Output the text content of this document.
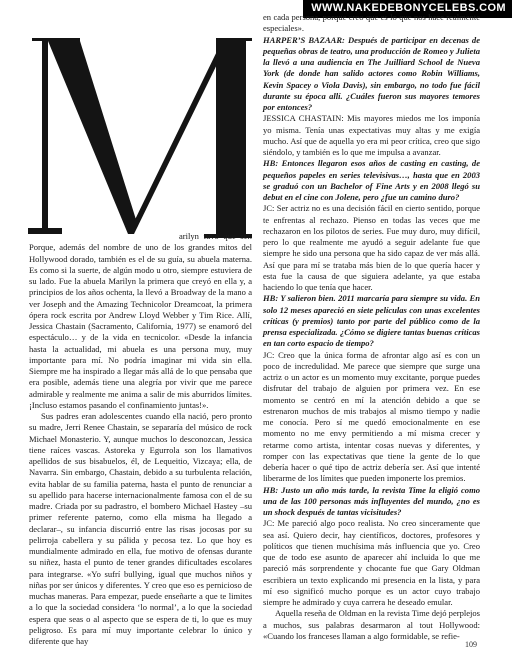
WWW.NAKEDEBONYCELEBS.COM

arilyn tuvo que ser. Porque, además del nombre de uno de los grandes mitos del Hollywood dorado, también es el de su guía, su abuela materna. Es como si la suerte, de algún modo u otro, siempre estuviera de su lado. Fue la abuela Marilyn la primera que creyó en ella y, a principios de los años ochenta, la llevó a Broadway de la mano a ver Joseph and the Amazing Technicolor Dreamcoat, la primera ópera rock escrita por Andrew Lloyd Webber y Tim Rice. Allí, Jessica Chastain (Sacramento, California, 1977) se enamoró del espectáculo… y de la vida en tecnicolor. «Desde la infancia hasta la actualidad, mi abuela es una persona muy, muy importante para mí. No podría imaginar mi vida sin ella. Siempre me ha inspirado a llegar más allá de lo que pensaba que era posible, además tiene una alegría por vivir que me parece admirable y realmente me anima a salir de mis aburridos límites. ¡Incluso estamos pasando el confinamiento juntas!».

Sus padres eran adolescentes cuando ella nació, pero pronto su madre, Jerri Renee Chastain, se separaría del músico de rock Michael Monasterio. Y, aunque muchos lo desconozcan, Jessica tiene raíces vascas. Astoreka y Egurrola son los llamativos apellidos de sus bisabuelos, él, de Lequeitio, Vizcaya; ella, de Navarra. Sin embargo, Chastain, debido a su turbulenta relación, evita hablar de su familia paterna, hasta el punto de renunciar a su apellido para hacerse internacionalmente famosa con el de su madre. Criada por su padrastro, el bombero Michael Hastey –su primer referente paterno, como ella misma ha llegado a declarar–, su infancia discurrió entre las risas jocosas por su pelirroja cabellera y su pálida y pecosa tez. Lo que hoy es mundialmente admirado en ella, fue motivo de ofensas durante su niñez, hasta el punto de tener grandes dificultades escolares para integrarse. «Yo sufrí bullying, igual que muchos niños y niñas por ser únicos y diferentes. Y creo que eso es pernicioso de muchas maneras. Para empezar, puede enseñarte a que te limites a lo que la sociedad considera ‘lo normal’, a lo que la sociedad espera que seas o al aspecto que se espera de ti, lo que es muy peligroso. Es para mí muy importante celebrar lo único y diferente que hay

en cada persona, porque creo que es lo que nos hace realmente especiales».

HARPER’S BAZAAR: Después de participar en decenas de pequeñas obras de teatro, una producción de Romeo y Julieta la llevó a una audiencia en The Juilliard School de Nueva York (de donde han salido actores como Robin Williams, Kevin Spacey o Viola Davis), sin embargo, no todo fue fácil durante su época allí. ¿Cuáles fueron sus mayores temores por entonces?

JESSICA CHASTAIN: Mis mayores miedos me los imponía yo misma. Tenía unas expectativas muy altas y me exigía mucho. Así que de aquella yo era mi peor crítica, creo que sigo siéndolo, y también es lo que me impulsa a avanzar.

HB: Entonces llegaron esos años de casting en casting, de pequeños papeles en series televisivas…, hasta que en 2003 se graduó con un Bachelor of Fine Arts y en 2008 llegó su debut en el cine con Jolene, pero ¿fue un camino duro?

JC: Ser actriz no es una decisión fácil en cierto sentido, porque te enfrentas al rechazo. Pienso en todas las veces que me rechazaron en los pilotos de series. Fue muy duro, muy difícil, pero lo que realmente me ayudó a seguir adelante fue que siempre he sido una persona que ha sido capaz de ver más allá. Así que para mí se trataba más bien de lo que quería hacer y esta fue la causa de que siguiera adelante, ya que estaba haciendo lo que tenía que hacer.

HB: Y salieron bien. 2011 marcaría para siempre su vida. En solo 12 meses apareció en siete películas con unas excelentes críticas (y premios) tanto por parte del público como de la prensa especializada. ¿Cómo se digiere tantas buenas críticas en tan corto espacio de tiempo?

JC: Creo que la única forma de afrontar algo así es con un poco de incredulidad. Me parece que siempre que surge una actriz o un actor es un momento muy excitante, porque puedes disfrutar del trabajo de alguien por primera vez. En ese momento se centró en mí la atención debido a que se estrenaron muchos de mis trabajos al mismo tiempo y nadie me conocía. Pero sí me quedó emocionalmente en ese momento no me envy permitiendo a mí misma crecer y retarme como artista, intentar cosas nuevas y diferentes, y romper con las expectativas que tiene la gente de lo que debería hacer o qué tipo de actriz debería ser. Así que intenté liberarme de los límites que pueden imponerte los premios.

HB: Justo un año más tarde, la revista Time la eligió como una de las 100 personas más influyentes del mundo, ¿no es un shock después de tantas vicisitudes?

JC: Me pareció algo poco realista. No creo sinceramente que sea así. Quiero decir, hay científicos, doctores, profesores y políticos que tienen muchísima más influencia que yo. Creo que de todo ese asunto de aparecer ahí incluida lo que me pareció más sorprendente y chocante fue que Gary Oldman escribiera un texto explicando mi presencia en la lista, y para mí eso significó mucho porque es un actor cuyo trabajo siempre he admirado y cuya carrera he deseado emular.

Aquella reseña de Oldman en la revista Time dejó perplejos a muchos, sus palabras desarmaron al tout Hollywood: «Cuando los franceses llaman a algo formidable, se refie-

109
